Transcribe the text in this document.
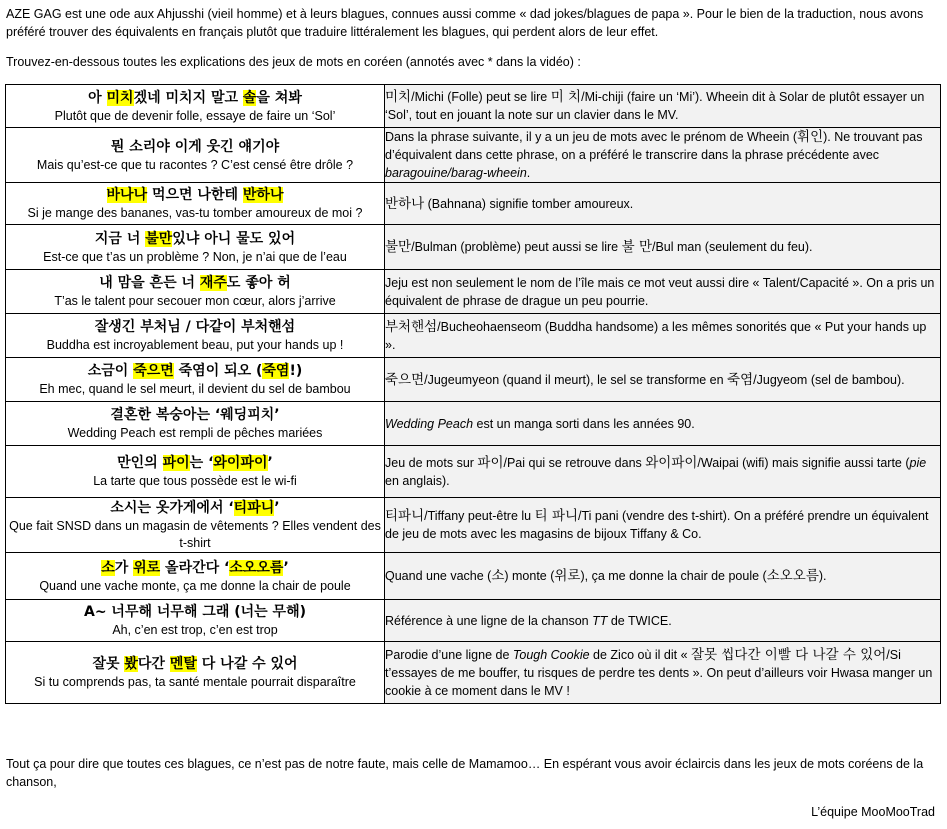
AZE GAG est une ode aux Ahjusshi (vieil homme) et à leurs blagues, connues aussi comme « dad jokes/blagues de papa ». Pour le bien de la traduction, nous avons préféré trouver des équivalents en français plutôt que traduire littéralement les blagues, qui perdent alors de leur effet.
Trouvez-en-dessous toutes les explications des jeux de mots en coréen (annotés avec * dans la vidéo) :
아 미치겠네 미치지 말고 솔을 쳐봐
Plutôt que de devenir folle, essaye de faire un ‘Sol’	미치/Michi (Folle) peut se lire 미 치/Mi-chiji (faire un ‘Mi’). Wheein dit à Solar de plutôt essayer un ‘Sol’, tout en jouant la note sur un clavier dans le MV.

뭔 소리야 이게 웃긴 얘기야
Mais qu’est-ce que tu racontes ? C’est censé être drôle ?	Dans la phrase suivante, il y a un jeu de mots avec le prénom de Wheein (휘인). Ne trouvant pas d’équivalent dans cette phrase, on a préféré le transcrire dans la phrase précédente avec baragouine/barag-wheein.

바나나 먹으면 나한테 반하나
Si je mange des bananes, vas-tu tomber amoureux de moi ?	반하나 (Bahnana) signifie tomber amoureux.

지금 너 불만있냐 아니 물도 있어
Est-ce que t’as un problème ? Non, je n’ai que de l’eau	불만/Bulman (problème) peut aussi se lire 불 만/Bul man (seulement du feu).

내 맘을 흔든 너 재주도 좋아 허
T’as le talent pour secouer mon cœur, alors j’arrive	Jeju est non seulement le nom de l’île mais ce mot veut aussi dire « Talent/Capacité ». On a pris un équivalent de phrase de drague un peu pourrie.

잘생긴 부처님 / 다같이 부처핸섬
Buddha est incroyablement beau, put your hands up !	부처핸섬/Bucheohaenseom (Buddha handsome) a les mêmes sonorités que « Put your hands up ».

소금이 죽으면 죽염이 되오 (죽염!)
Eh mec, quand le sel meurt, il devient du sel de bambou	죽으면/Jugeumyeon (quand il meurt), le sel se transforme en 죽염/Jugyeom (sel de bambou).

결혼한 복숭아는 ‘웨딩피치’
Wedding Peach est rempli de pêches mariées	Wedding Peach est un manga sorti dans les années 90.

만인의 파이는 ‘와이파이’
La tarte que tous possède est le wi-fi	Jeu de mots sur 파이/Pai qui se retrouve dans 와이파이/Waipai (wifi) mais signifie aussi tarte (pie en anglais).

소시는 옷가게에서 ‘티파니’
Que fait SNSD dans un magasin de vêtements ? Elles vendent des t-shirt	티파니/Tiffany peut-être lu 티 파니/Ti pani (vendre des t-shirt). On a préféré prendre un équivalent de jeu de mots avec les magasins de bijoux Tiffany & Co.

소가 위로 올라간다 ‘소오오름’
Quand une vache monte, ça me donne la chair de poule	Quand une vache (소) monte (위로), ça me donne la chair de poule (소오오름).

A~ 너무해 너무해 그래 (너는 무해)
Ah, c’en est trop, c’en est trop	Référence à une ligne de la chanson TT de TWICE.

잘못 봤다간 멘탈 다 나갈 수 있어
Si tu comprends pas, ta santé mentale pourrait disparaître	Parodie d’une ligne de Tough Cookie de Zico où il dit « 잘못 씹다간 이빨 다 나갈 수 있어/Si t’essayes de me bouffer, tu risques de perdre tes dents ». On peut d’ailleurs voir Hwasa manger un cookie à ce moment dans le MV !
Tout ça pour dire que toutes ces blagues, ce n’est pas de notre faute, mais celle de Mamamoo… En espérant vous avoir éclaircis dans les jeux de mots coréens de la chanson,
L’équipe MooMooTrad
